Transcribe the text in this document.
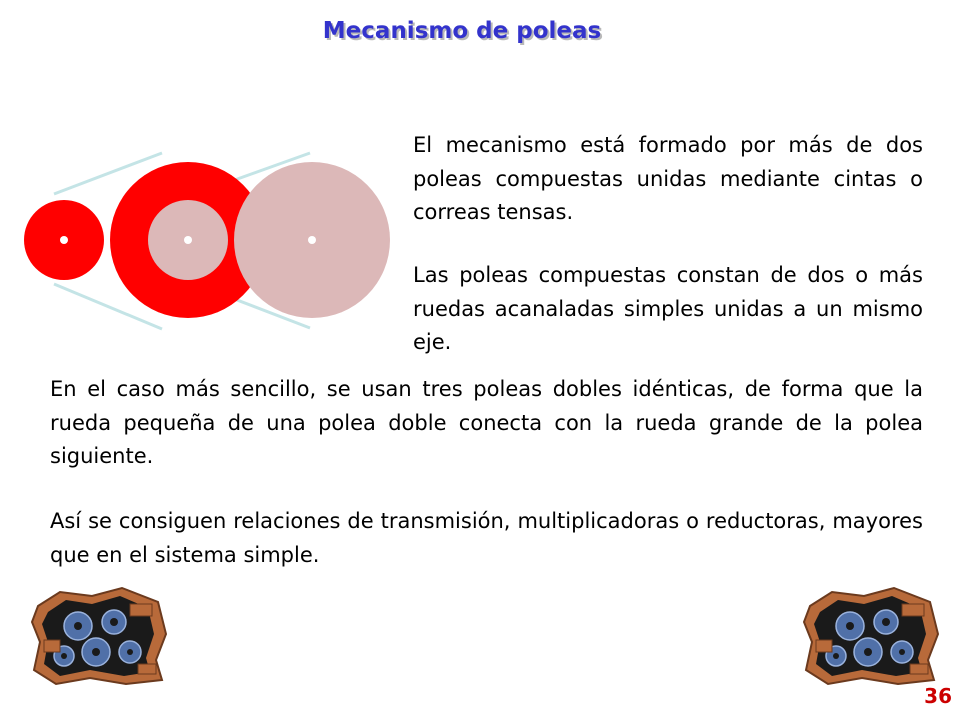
Mecanismo de poleas

El mecanismo está formado por más de dos poleas compuestas unidas mediante cintas o correas tensas.

Las poleas compuestas constan de dos o más ruedas acanaladas simples unidas a un mismo eje.

En el caso más sencillo, se usan tres poleas dobles idénticas, de forma que la rueda pequeña de una polea doble conecta con la rueda grande de la polea siguiente.

Así se consiguen relaciones de transmisión, multiplicadoras o reductoras, mayores que en el sistema simple.

36
